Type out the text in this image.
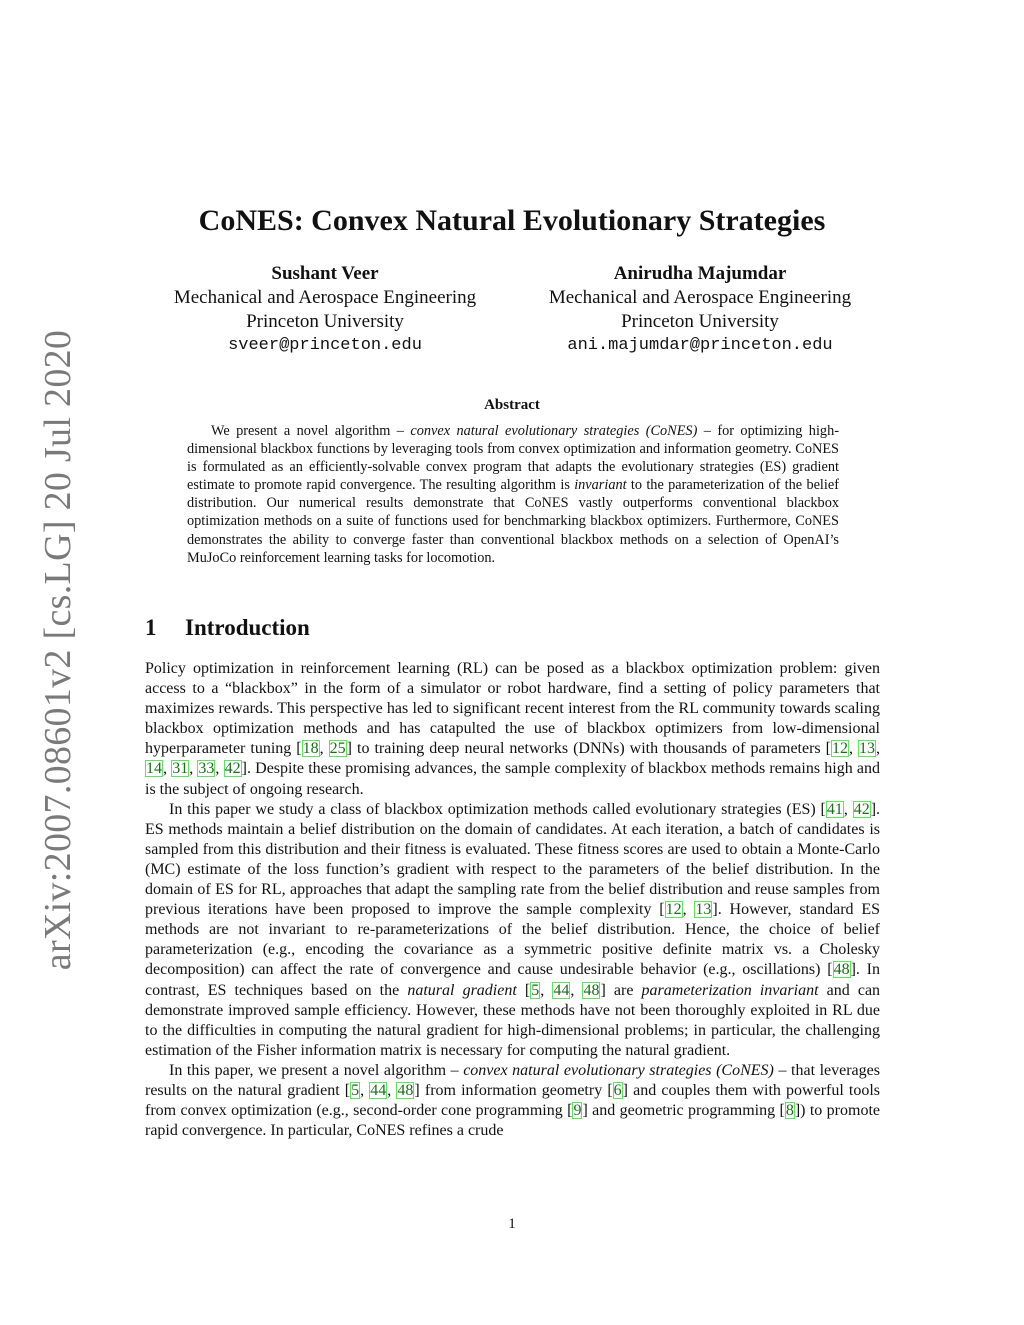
arXiv:2007.08601v2 [cs.LG] 20 Jul 2020
CoNES: Convex Natural Evolutionary Strategies
Sushant Veer
Mechanical and Aerospace Engineering
Princeton University
sveer@princeton.edu
Anirudha Majumdar
Mechanical and Aerospace Engineering
Princeton University
ani.majumdar@princeton.edu
Abstract

We present a novel algorithm – convex natural evolutionary strategies (CoNES) – for optimizing high-dimensional blackbox functions by leveraging tools from convex optimization and information geometry. CoNES is formulated as an efficiently-solvable convex program that adapts the evolutionary strategies (ES) gradient estimate to promote rapid convergence. The resulting algorithm is invariant to the parameterization of the belief distribution. Our numerical results demonstrate that CoNES vastly outperforms conventional blackbox optimization methods on a suite of functions used for benchmarking blackbox optimizers. Furthermore, CoNES demonstrates the ability to converge faster than conventional blackbox methods on a selection of OpenAI’s MuJoCo reinforcement learning tasks for locomotion.

1 Introduction

Policy optimization in reinforcement learning (RL) can be posed as a blackbox optimization problem: given access to a “blackbox” in the form of a simulator or robot hardware, find a setting of policy parameters that maximizes rewards. This perspective has led to significant recent interest from the RL community towards scaling blackbox optimization methods and has catapulted the use of blackbox optimizers from low-dimensional hyperparameter tuning [18, 25] to training deep neural networks (DNNs) with thousands of parameters [12, 13, 14, 31, 33, 42]. Despite these promising advances, the sample complexity of blackbox methods remains high and is the subject of ongoing research.

In this paper we study a class of blackbox optimization methods called evolutionary strategies (ES) [41, 42]. ES methods maintain a belief distribution on the domain of candidates. At each iteration, a batch of candidates is sampled from this distribution and their fitness is evaluated. These fitness scores are used to obtain a Monte-Carlo (MC) estimate of the loss function’s gradient with respect to the parameters of the belief distribution. In the domain of ES for RL, approaches that adapt the sampling rate from the belief distribution and reuse samples from previous iterations have been proposed to improve the sample complexity [12, 13]. However, standard ES methods are not invariant to re-parameterizations of the belief distribution. Hence, the choice of belief parameterization (e.g., encoding the covariance as a symmetric positive definite matrix vs. a Cholesky decomposition) can affect the rate of convergence and cause undesirable behavior (e.g., oscillations) [48]. In contrast, ES techniques based on the natural gradient [5, 44, 48] are parameterization invariant and can demonstrate improved sample efficiency. However, these methods have not been thoroughly exploited in RL due to the difficulties in computing the natural gradient for high-dimensional problems; in particular, the challenging estimation of the Fisher information matrix is necessary for computing the natural gradient.

In this paper, we present a novel algorithm – convex natural evolutionary strategies (CoNES) – that leverages results on the natural gradient [5, 44, 48] from information geometry [6] and couples them with powerful tools from convex optimization (e.g., second-order cone programming [9] and geometric programming [8]) to promote rapid convergence. In particular, CoNES refines a crude

1
